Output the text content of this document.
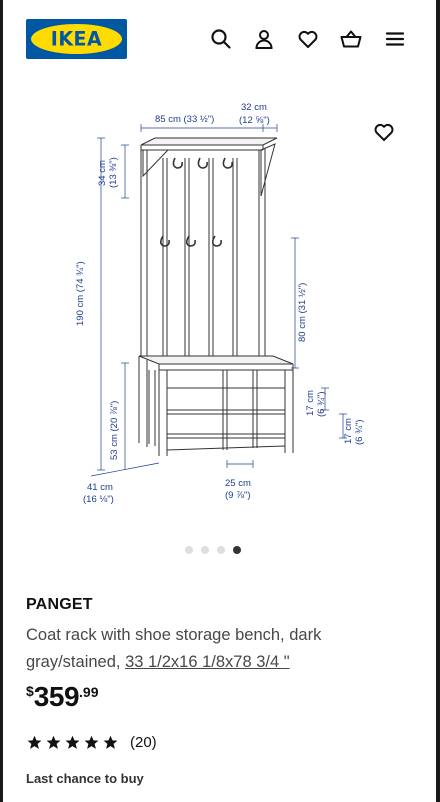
IKEA
85 cm (33 ½")
32 cm
(12 ⅝")
34 cm (13 ⅜")
190 cm (74 ¾")	80 cm (31 ½")
53 cm (20 ⅞")	17 cm (6 ¾")
17 cm (6 ¾")
41 cm
(16 ⅛")
25 cm
(9 ⅞")
PANGET
Coat rack with shoe storage bench, dark gray/stained, 33 1/2x16 1/8x78 3/4 "
$359.99
(20)
Last chance to buy
